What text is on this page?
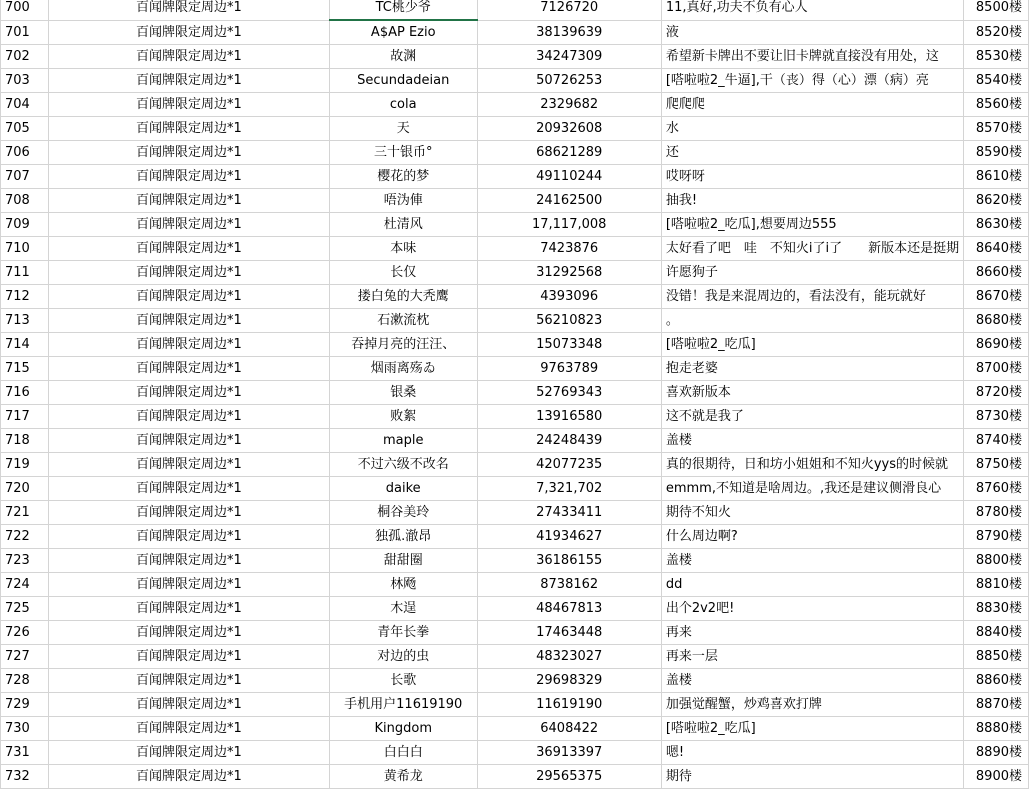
700	百闻牌限定周边*1	TC桃少爷	7126720	11,真好,功夫不负有心人	8500楼
701	百闻牌限定周边*1	A$AP Ezio	38139639	液	8520楼
702	百闻牌限定周边*1	故渊	34247309	希望新卡牌出不要让旧卡牌就直接没有用处，这	8530楼
703	百闻牌限定周边*1	Secundadeian	50726253	[嗒啦啦2_牛逼],干（丧）得（心）漂（病）亮	8540楼
704	百闻牌限定周边*1	cola	2329682	爬爬爬	8560楼
705	百闻牌限定周边*1	天	20932608	水	8570楼
706	百闻牌限定周边*1	三十银币°	68621289	还	8590楼
707	百闻牌限定周边*1	樱花的梦	49110244	哎呀呀	8610楼
708	百闻牌限定周边*1	唔沩俥	24162500	抽我!	8620楼
709	百闻牌限定周边*1	杜清风	17,117,008	[嗒啦啦2_吃瓜],想要周边555	8630楼
710	百闻牌限定周边*1	本味	7423876	太好看了吧　哇　不知火i了i了　　新版本还是挺期	8640楼
711	百闻牌限定周边*1	长仅	31292568	许愿狗子	8660楼
712	百闻牌限定周边*1	搂白兔的大秃鹰	4393096	没错！我是来混周边的，看法没有，能玩就好	8670楼
713	百闻牌限定周边*1	石漱流枕	56210823	。	8680楼
714	百闻牌限定周边*1	吞掉月亮的汪汪、	15073348	[嗒啦啦2_吃瓜]	8690楼
715	百闻牌限定周边*1	烟雨离殇ゐ	9763789	抱走老婆	8700楼
716	百闻牌限定周边*1	银桑	52769343	喜欢新版本	8720楼
717	百闻牌限定周边*1	败絮	13916580	这不就是我了	8730楼
718	百闻牌限定周边*1	maple	24248439	盖楼	8740楼
719	百闻牌限定周边*1	不过六级不改名	42077235	真的很期待，日和坊小姐姐和不知火yys的时候就	8750楼
720	百闻牌限定周边*1	daike	7,321,702	emmm,不知道是啥周边。,我还是建议侧滑良心	8760楼
721	百闻牌限定周边*1	桐谷美玲	27433411	期待不知火	8780楼
722	百闻牌限定周边*1	独孤.澈昂	41934627	什么周边啊?	8790楼
723	百闻牌限定周边*1	甜甜圈	36186155	盖楼	8800楼
724	百闻牌限定周边*1	林飏	8738162	dd	8810楼
725	百闻牌限定周边*1	木逞	48467813	出个2v2吧!	8830楼
726	百闻牌限定周边*1	青年长拳	17463448	再来	8840楼
727	百闻牌限定周边*1	对边的虫	48323027	再来一层	8850楼
728	百闻牌限定周边*1	长歌	29698329	盖楼	8860楼
729	百闻牌限定周边*1	手机用户11619190	11619190	加强觉醒蟹，炒鸡喜欢打牌	8870楼
730	百闻牌限定周边*1	Kingdom	6408422	[嗒啦啦2_吃瓜]	8880楼
731	百闻牌限定周边*1	白白白	36913397	嗯!	8890楼
732	百闻牌限定周边*1	黄希龙	29565375	期待	8900楼
